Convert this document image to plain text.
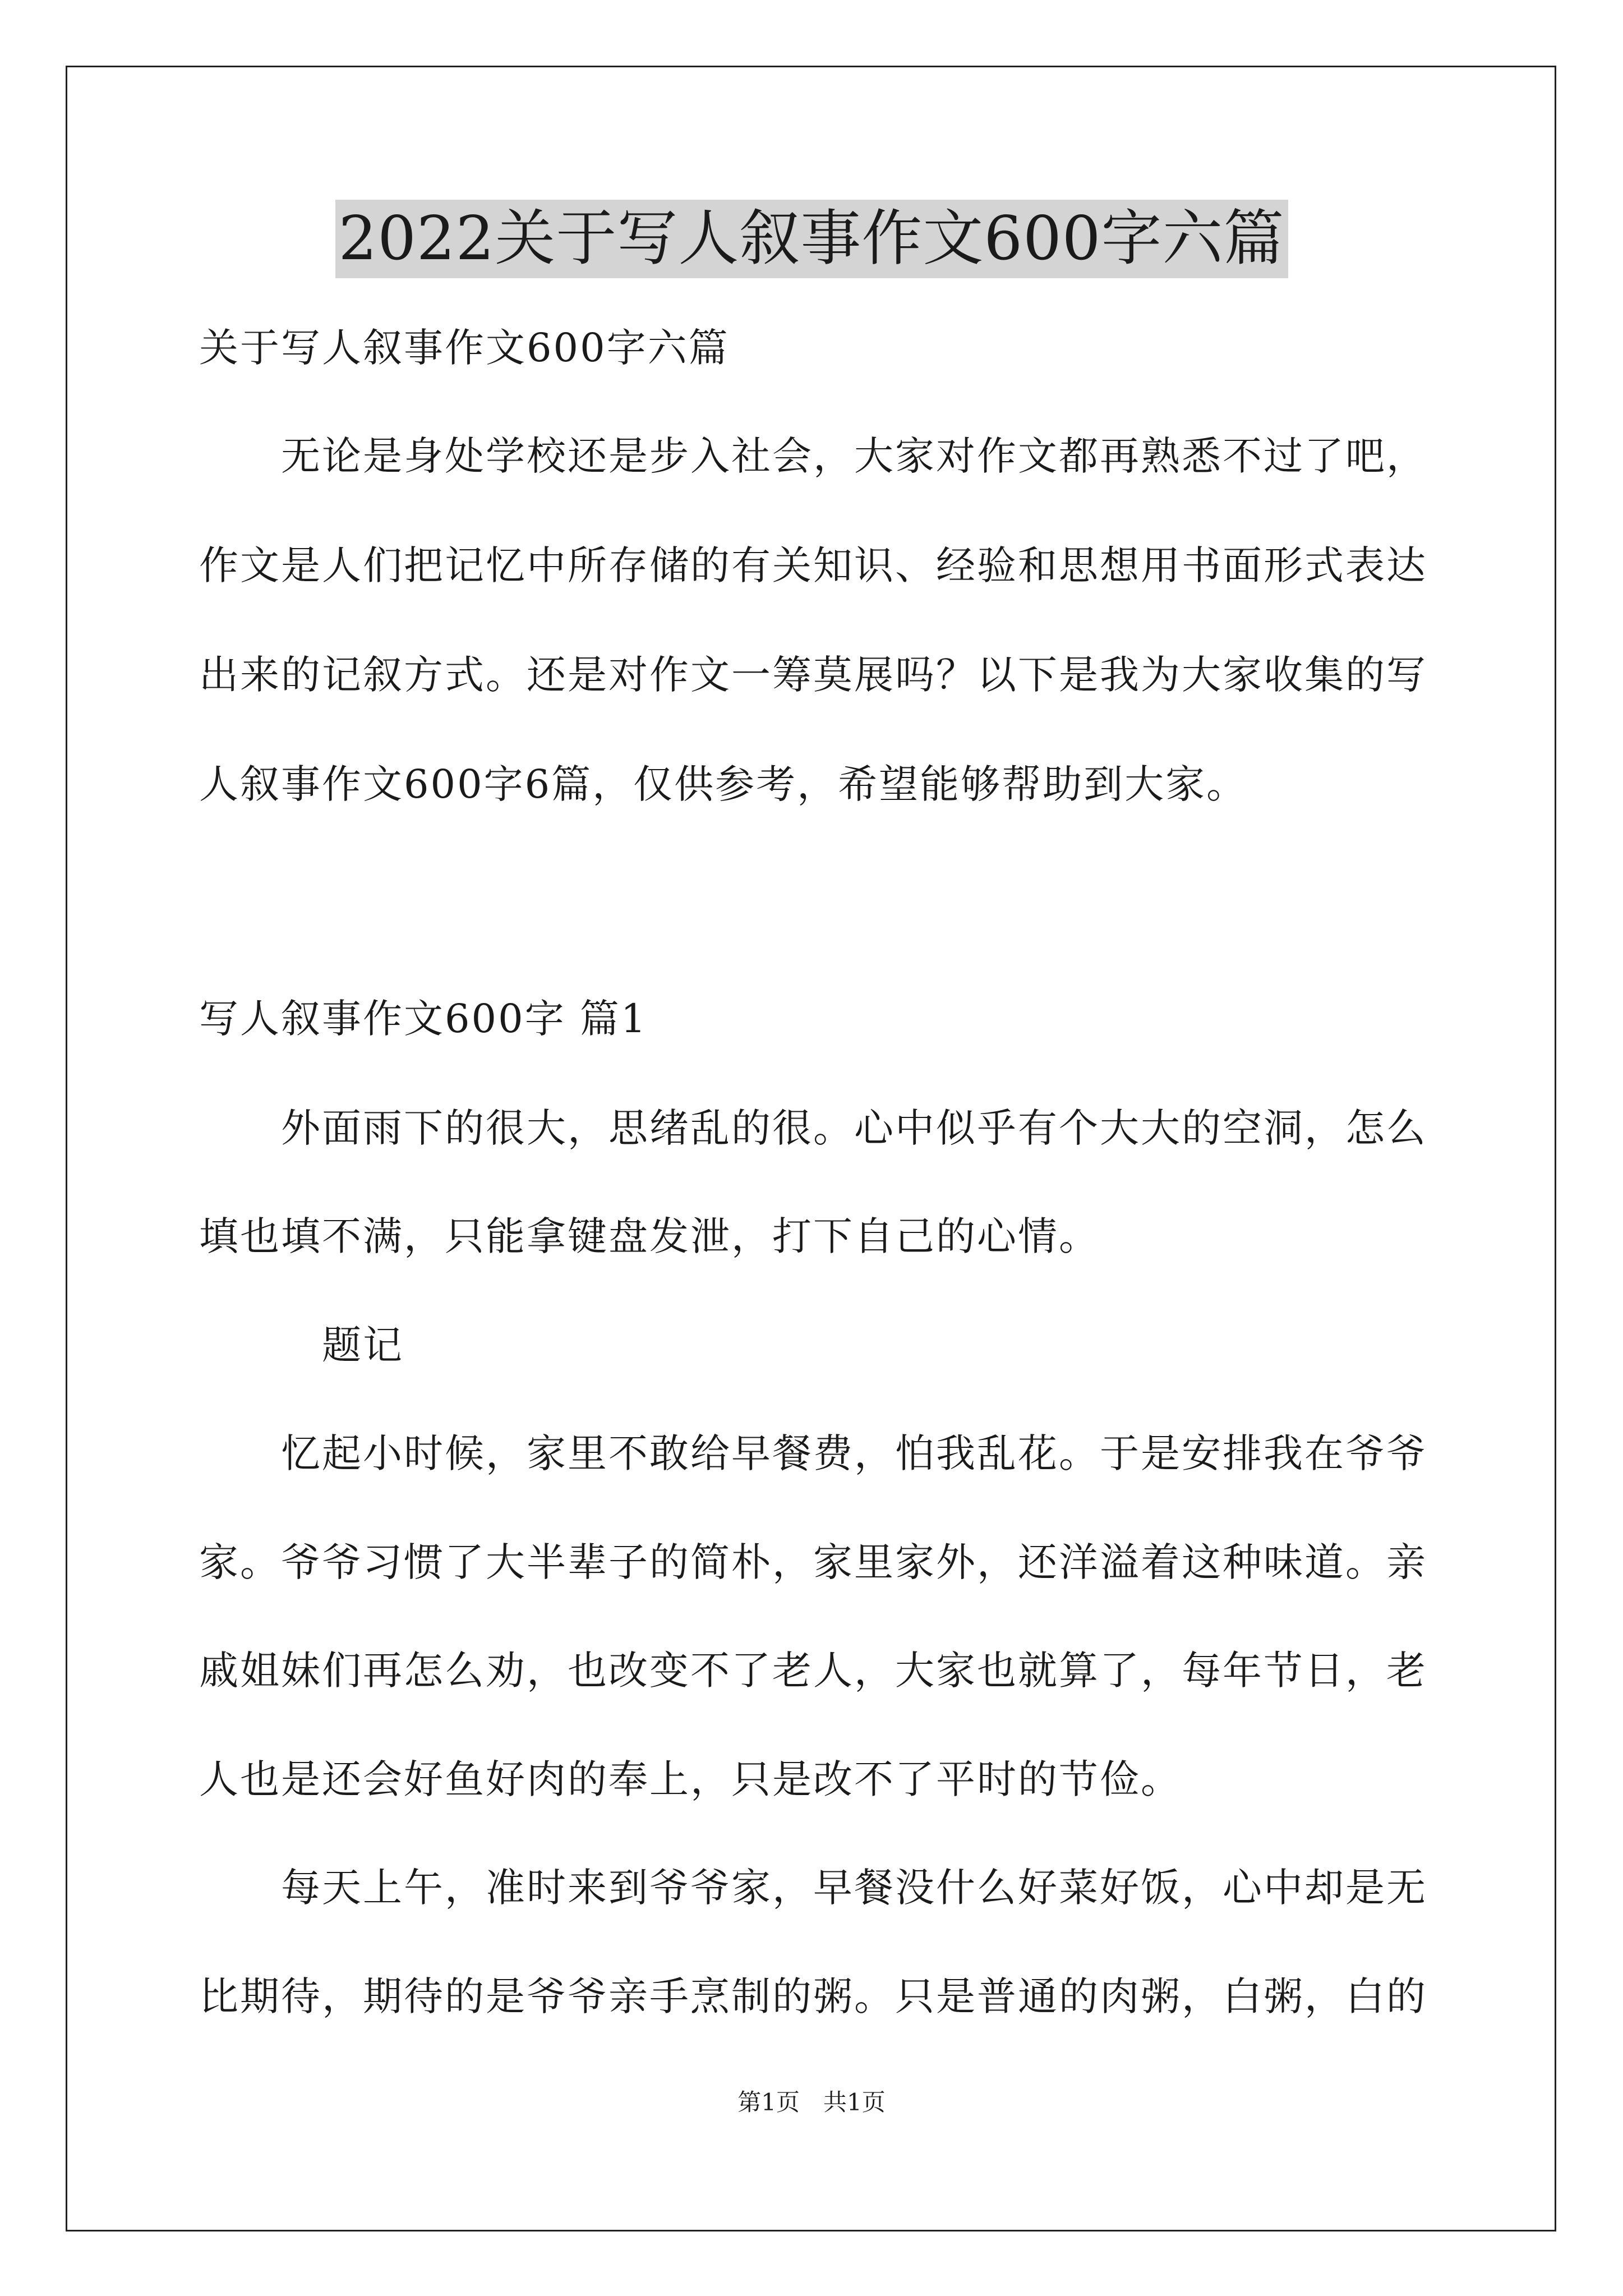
2022关于写人叙事作文600字六篇
关于写人叙事作文600字六篇
　　无论是身处学校还是步入社会，大家对作文都再熟悉不过了吧，
作文是人们把记忆中所存储的有关知识、经验和思想用书面形式表达
出来的记叙方式。还是对作文一筹莫展吗？以下是我为大家收集的写
人叙事作文600字6篇，仅供参考，希望能够帮助到大家。
写人叙事作文600字 篇1
　　外面雨下的很大，思绪乱的很。心中似乎有个大大的空洞，怎么
填也填不满，只能拿键盘发泄，打下自己的心情。
　　　题记
　　忆起小时候，家里不敢给早餐费，怕我乱花。于是安排我在爷爷
家。爷爷习惯了大半辈子的简朴，家里家外，还洋溢着这种味道。亲
戚姐妹们再怎么劝，也改变不了老人，大家也就算了，每年节日，老
人也是还会好鱼好肉的奉上，只是改不了平时的节俭。
　　每天上午，准时来到爷爷家，早餐没什么好菜好饭，心中却是无
比期待，期待的是爷爷亲手烹制的粥。只是普通的肉粥，白粥，白的
第1页　共1页
